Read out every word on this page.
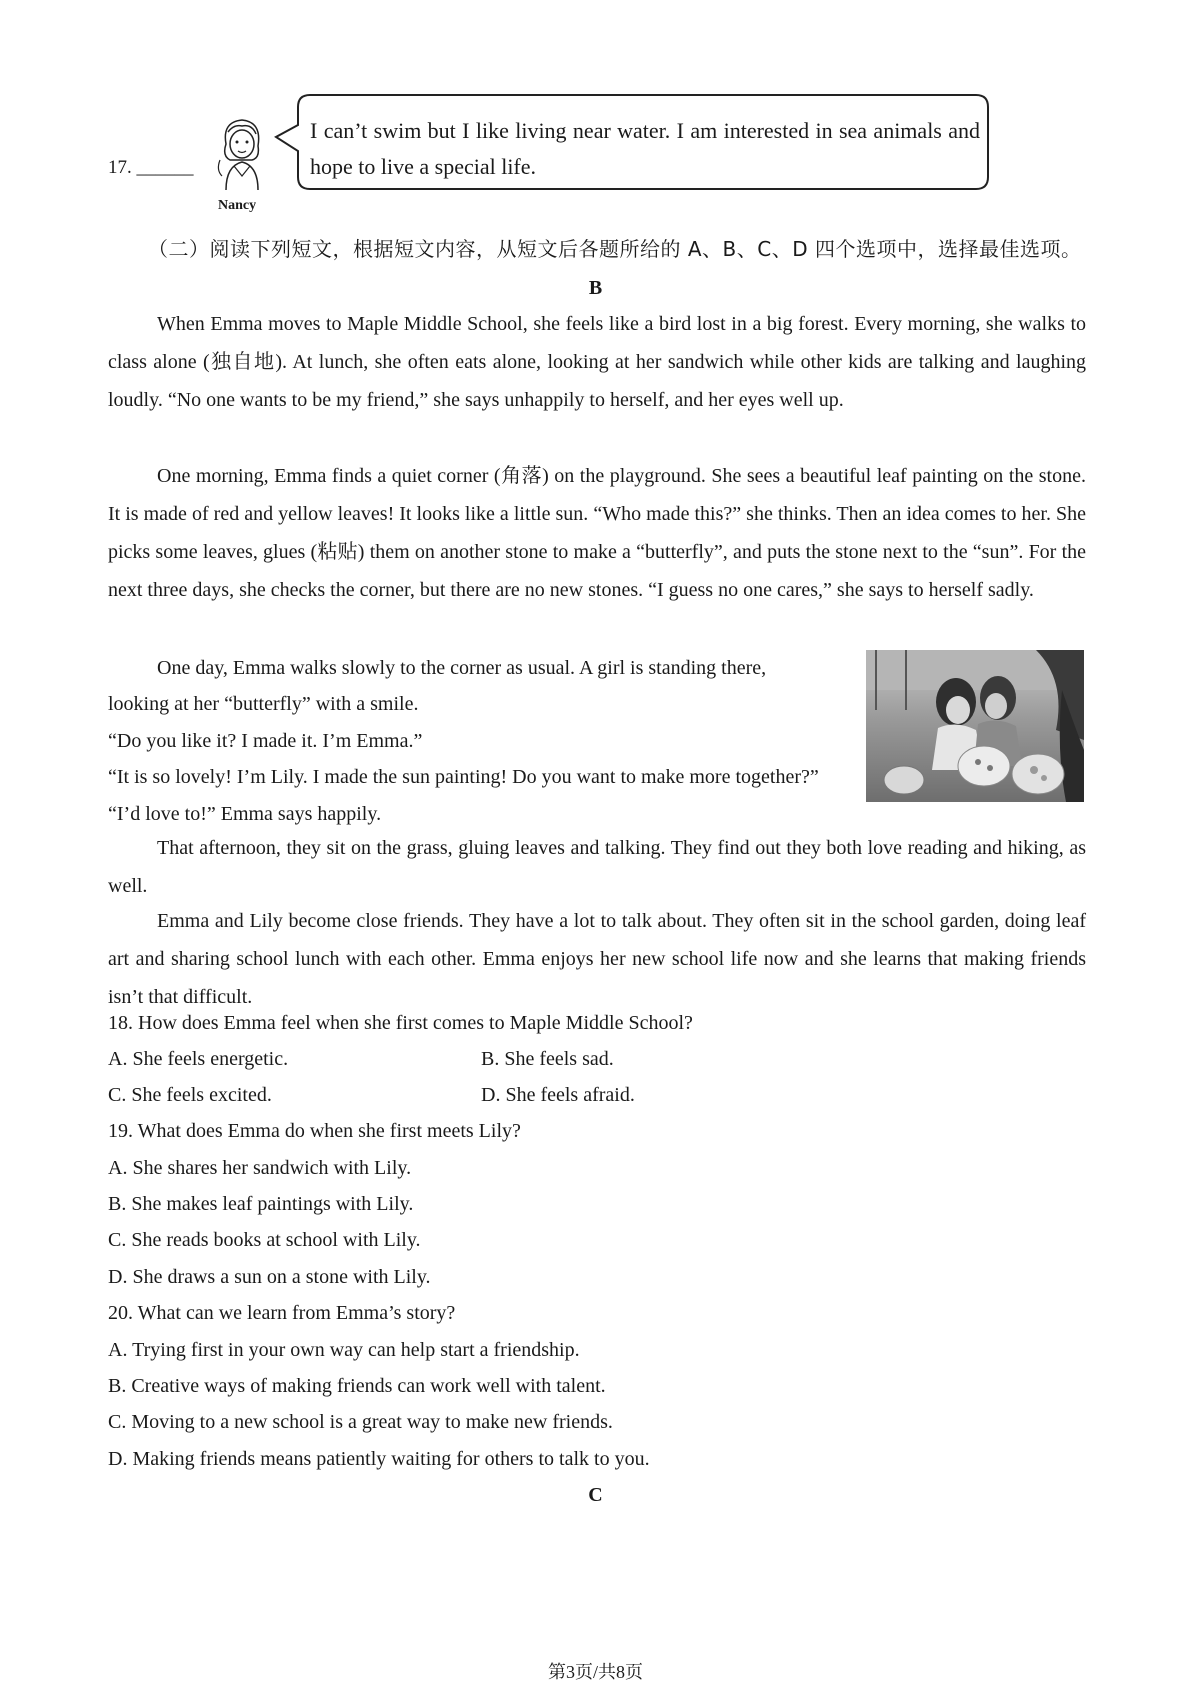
17. ______
Nancy
I can’t swim but I like living near water. I am interested in sea animals and hope to live a special life.
（二）阅读下列短文，根据短文内容，从短文后各题所给的 A、B、C、D 四个选项中，选择最佳选项。
B

When Emma moves to Maple Middle School, she feels like a bird lost in a big forest. Every morning, she walks to class alone (独自地). At lunch, she often eats alone, looking at her sandwich while other kids are talking and laughing loudly. “No one wants to be my friend,” she says unhappily to herself, and her eyes well up.

One morning, Emma finds a quiet corner (角落) on the playground. She sees a beautiful leaf painting on the stone. It is made of red and yellow leaves! It looks like a little sun. “Who made this?” she thinks. Then an idea comes to her. She picks some leaves, glues (粘贴) them on another stone to make a “butterfly”, and puts the stone next to the “sun”. For the next three days, she checks the corner, but there are no new stones. “I guess no one cares,” she says to herself sadly.

One day, Emma walks slowly to the corner as usual. A girl is standing there,
looking at her “butterfly” with a smile.
“Do you like it? I made it. I’m Emma.”
“It is so lovely! I’m Lily. I made the sun painting! Do you want to make more together?”
“I’d love to!” Emma says happily.

That afternoon, they sit on the grass, gluing leaves and talking. They find out they both love reading and hiking, as well.

Emma and Lily become close friends. They have a lot to talk about. They often sit in the school garden, doing leaf art and sharing school lunch with each other. Emma enjoys her new school life now and she learns that making friends isn’t that difficult.

18. How does Emma feel when she first comes to Maple Middle School?
A. She feels energetic.	B. She feels sad.
C. She feels excited.	D. She feels afraid.
19. What does Emma do when she first meets Lily?
A. She shares her sandwich with Lily.
B. She makes leaf paintings with Lily.
C. She reads books at school with Lily.
D. She draws a sun on a stone with Lily.
20. What can we learn from Emma’s story?
A. Trying first in your own way can help start a friendship.
B. Creative ways of making friends can work well with talent.
C. Moving to a new school is a great way to make new friends.
D. Making friends means patiently waiting for others to talk to you.
C
第3页/共8页
